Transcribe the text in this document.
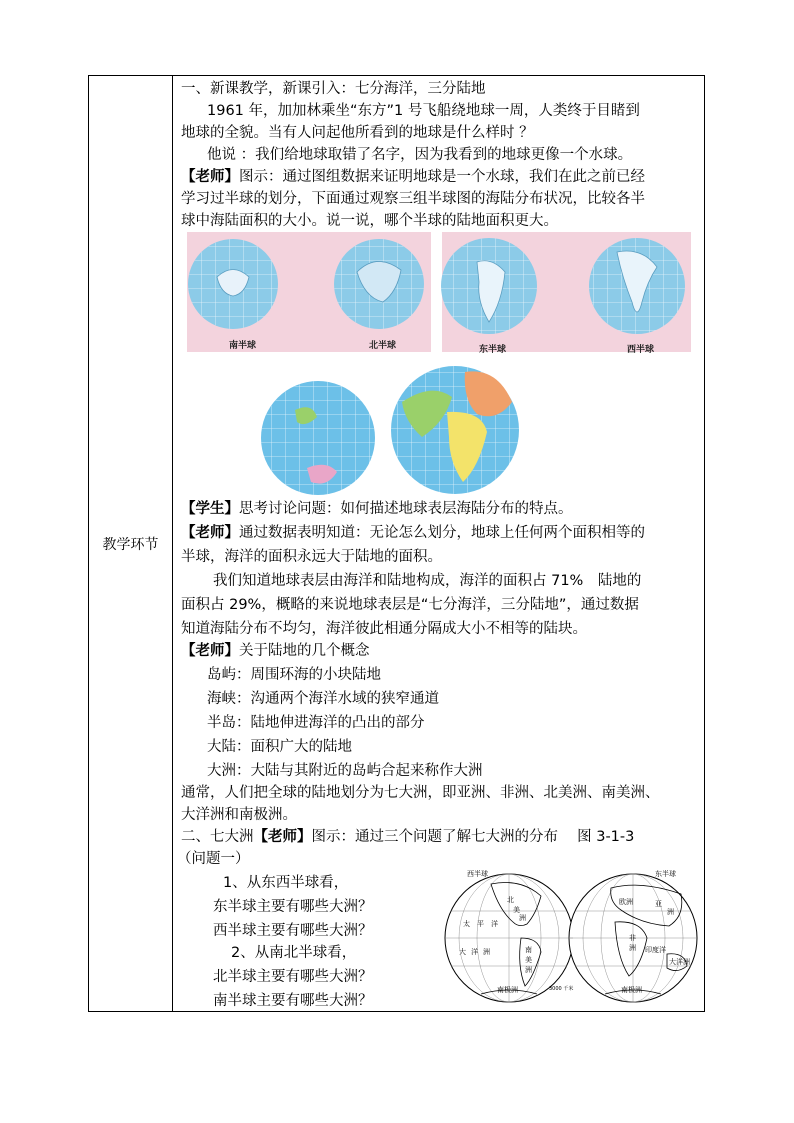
教学环节
一、新课教学，新课引入：七分海洋，三分陆地
1961 年，加加林乘坐“东方”1 号飞船绕地球一周，人类终于目睹到
地球的全貌。当有人问起他所看到的地球是什么样时 ？
他说 ：我们给地球取错了名字，因为我看到的地球更像一个水球。
【老师】图示：通过图组数据来证明地球是一个水球，我们在此之前已经
学习过半球的划分，下面通过观察三组半球图的海陆分布状况，比较各半
球中海陆面积的大小。说一说，哪个半球的陆地面积更大。
南半球	北半球	东半球	西半球
【学生】思考讨论问题：如何描述地球表层海陆分布的特点。
【老师】通过数据表明知道：无论怎么划分，地球上任何两个面积相等的
半球，海洋的面积永远大于陆地的面积。
我们知道地球表层由海洋和陆地构成，海洋的面积占 71%　陆地的
面积占 29%，概略的来说地球表层是“七分海洋，三分陆地”，通过数据
知道海陆分布不均匀，海洋彼此相通分隔成大小不相等的陆块。
【老师】关于陆地的几个概念
岛屿：周围环海的小块陆地
海峡：沟通两个海洋水域的狭窄通道
半岛：陆地伸进海洋的凸出的部分
大陆：面积广大的陆地
大洲：大陆与其附近的岛屿合起来称作大洲
通常，人们把全球的陆地划分为七大洲，即亚洲、非洲、北美洲、南美洲、
大洋洲和南极洲。
二、七大洲【老师】图示：通过三个问题了解七大洲的分布　 图 3-1-3
（问题一）
1、从东西半球看，
东半球主要有哪些大洲？
西半球主要有哪些大洲？
2、从南北半球看，
北半球主要有哪些大洲？
南半球主要有哪些大洲？
西半球	东半球
北
美
洲
太 平 洋
大 洋 洲	南
美
洲
南极洲
欧洲	亚
洲
非
洲 印度洋
大洋洲
南极洲
3000 千米
